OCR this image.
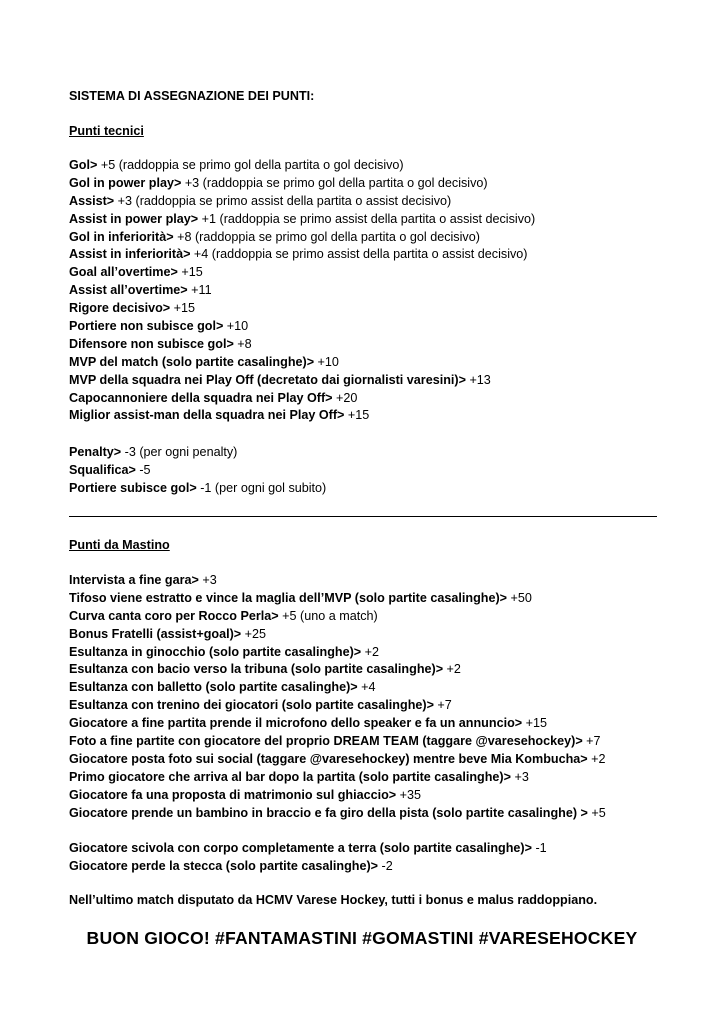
SISTEMA DI ASSEGNAZIONE DEI PUNTI:
Punti tecnici
Gol> +5 (raddoppia se primo gol della partita o gol decisivo)
Gol in power play> +3 (raddoppia se primo gol della partita o gol decisivo)
Assist> +3 (raddoppia se primo assist della partita o assist decisivo)
Assist in power play> +1 (raddoppia se primo assist della partita o assist decisivo)
Gol in inferiorità> +8 (raddoppia se primo gol della partita o gol decisivo)
Assist in inferiorità> +4 (raddoppia se primo assist della partita o assist decisivo)
Goal all’overtime> +15
Assist all’overtime> +11
Rigore decisivo> +15
Portiere non subisce gol> +10
Difensore non subisce gol> +8
MVP del match (solo partite casalinghe)> +10
MVP della squadra nei Play Off (decretato dai giornalisti varesini)> +13
Capocannoniere della squadra nei Play Off> +20
Miglior assist-man della squadra nei Play Off> +15
Penalty> -3 (per ogni penalty)
Squalifica> -5
Portiere subisce gol> -1 (per ogni gol subito)
Punti da Mastino
Intervista a fine gara> +3
Tifoso viene estratto e vince la maglia dell’MVP (solo partite casalinghe)> +50
Curva canta coro per Rocco Perla> +5 (uno a match)
Bonus Fratelli (assist+goal)> +25
Esultanza in ginocchio (solo partite casalinghe)> +2
Esultanza con bacio verso la tribuna (solo partite casalinghe)> +2
Esultanza con balletto (solo partite casalinghe)> +4
Esultanza con trenino dei giocatori (solo partite casalinghe)> +7
Giocatore a fine partita prende il microfono dello speaker e fa un annuncio> +15
Foto a fine partite con giocatore del proprio DREAM TEAM (taggare @varesehockey)> +7
Giocatore posta foto sui social (taggare @varesehockey) mentre beve Mia Kombucha> +2
Primo giocatore che arriva al bar dopo la partita (solo partite casalinghe)> +3
Giocatore fa una proposta di matrimonio sul ghiaccio> +35
Giocatore prende un bambino in braccio e fa giro della pista (solo partite casalinghe) > +5
Giocatore scivola con corpo completamente a terra (solo partite casalinghe)> -1
Giocatore perde la stecca (solo partite casalinghe)> -2
Nell’ultimo match disputato da HCMV Varese Hockey, tutti i bonus e malus raddoppiano.
BUON GIOCO! #FANTAMASTINI #GOMASTINI #VARESEHOCKEY
